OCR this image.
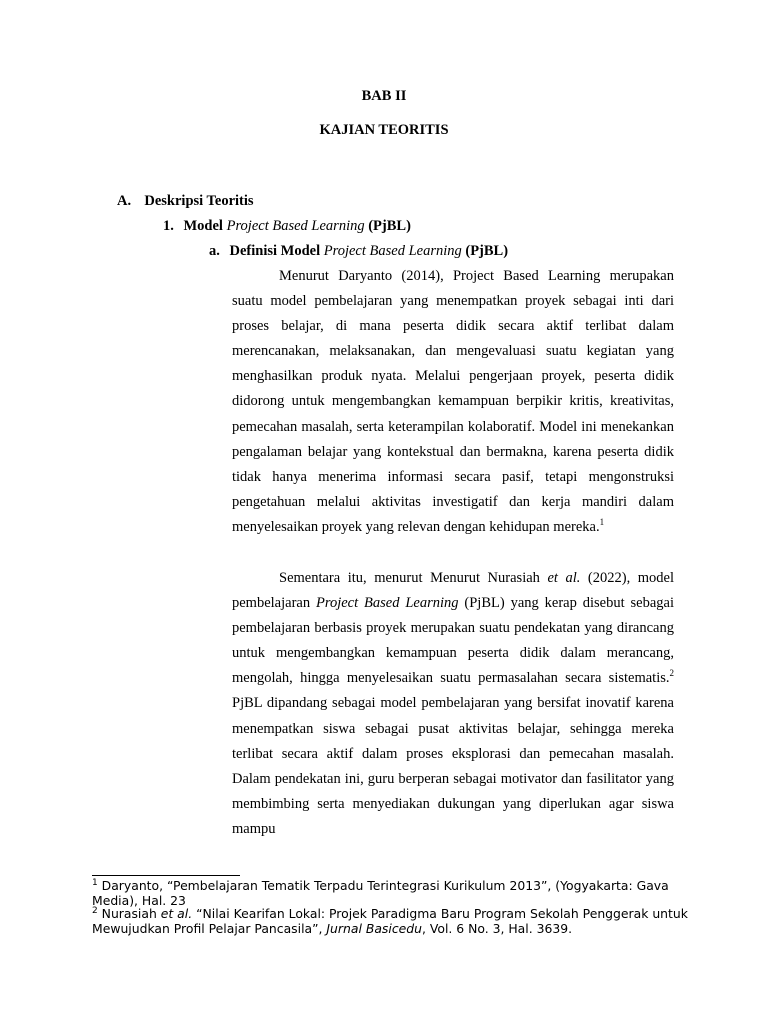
BAB II
KAJIAN TEORITIS
A. Deskripsi Teoritis
1. Model Project Based Learning (PjBL)
a. Definisi Model Project Based Learning (PjBL)

Menurut Daryanto (2014), Project Based Learning merupakan suatu model pembelajaran yang menempatkan proyek sebagai inti dari proses belajar, di mana peserta didik secara aktif terlibat dalam merencanakan, melaksanakan, dan mengevaluasi suatu kegiatan yang menghasilkan produk nyata. Melalui pengerjaan proyek, peserta didik didorong untuk mengembangkan kemampuan berpikir kritis, kreativitas, pemecahan masalah, serta keterampilan kolaboratif. Model ini menekankan pengalaman belajar yang kontekstual dan bermakna, karena peserta didik tidak hanya menerima informasi secara pasif, tetapi mengonstruksi pengetahuan melalui aktivitas investigatif dan kerja mandiri dalam menyelesaikan proyek yang relevan dengan kehidupan mereka.$^1$

Sementara itu, menurut Menurut Nurasiah et al. (2022), model pembelajaran Project Based Learning (PjBL) yang kerap disebut sebagai pembelajaran berbasis proyek merupakan suatu pendekatan yang dirancang untuk mengembangkan kemampuan peserta didik dalam merancang, mengolah, hingga menyelesaikan suatu permasalahan secara sistematis.$^2$ PjBL dipandang sebagai model pembelajaran yang bersifat inovatif karena menempatkan siswa sebagai pusat aktivitas belajar, sehingga mereka terlibat secara aktif dalam proses eksplorasi dan pemecahan masalah. Dalam pendekatan ini, guru berperan sebagai motivator dan fasilitator yang membimbing serta menyediakan dukungan yang diperlukan agar siswa mampu

$^1$ Daryanto, “Pembelajaran Tematik Terpadu Terintegrasi Kurikulum 2013”, (Yogyakarta: Gava Media), Hal. 23

$^2$ Nurasiah et al. “Nilai Kearifan Lokal: Projek Paradigma Baru Program Sekolah Penggerak untuk Mewujudkan Profil Pelajar Pancasila”, Jurnal Basicedu, Vol. 6 No. 3, Hal. 3639.
